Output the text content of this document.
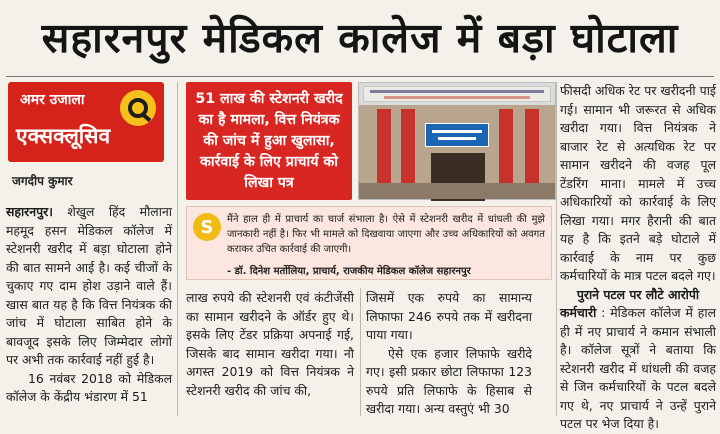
सहारनपुर मेडिकल कालेज में बड़ा घोटाला
अमर उजाला
एक्सक्लूसिव
जगदीप कुमार

सहारनपुर। शेखुल हिंद मौलाना महमूद हसन मेडिकल कॉलेज में स्टेशनरी खरीद में बड़ा घोटाला होने की बात सामने आई है। कई चीजों के चुकाए गए दाम होश उड़ाने वाले हैं। खास बात यह है कि वित्त नियंत्रक की जांच में घोटाला साबित होने के बावजूद इसके लिए जिम्मेदार लोगों पर अभी तक कार्रवाई नहीं हुई है।

16 नवंबर 2018 को मेडिकल कॉलेज के केंद्रीय भंडारण में 51

51 लाख की स्टेशनरी खरीद का है मामला, वित्त नियंत्रक की जांच में हुआ खुलासा, कार्रवाई के लिए प्राचार्य को लिखा पत्र
S	मैंने हाल ही में प्राचार्य का चार्ज संभाला है। ऐसे में स्टेशनरी खरीद में धांधली की मुझे जानकारी नहीं है। फिर भी मामले को दिखवाया जाएगा और उच्च अधिकारियों को अवगत कराकर उचित कार्रवाई की जाएगी।
- डॉ. दिनेश मर्तोलिया, प्राचार्य, राजकीय मेडिकल कॉलेज सहारनपुर

लाख रुपये की स्टेशनरी एवं कंटीजेंसी का सामान खरीदने के ऑर्डर हुए थे। इसके लिए टेंडर प्रक्रिया अपनाई गई, जिसके बाद सामान खरीदा गया। नौ अगस्त 2019 को वित्त नियंत्रक ने स्टेशनरी खरीद की जांच की,

जिसमें एक रुपये का सामान्य लिफाफा 246 रुपये तक में खरीदना पाया गया।

ऐसे एक हजार लिफाफे खरीदे गए। इसी प्रकार छोटा लिफाफा 123 रुपये प्रति लिफाफे के हिसाब से खरीदा गया। अन्य वस्तुएं भी 30

फीसदी अधिक रेट पर खरीदनी पाई गई। सामान भी जरूरत से अधिक खरीदा गया। वित्त नियंत्रक ने बाजार रेट से अत्यधिक रेट पर सामान खरीदने की वजह पूल टेंडरिंग माना। मामले में उच्च अधिकारियों को कार्रवाई के लिए लिखा गया। मगर हैरानी की बात यह है कि इतने बड़े घोटाले में कार्रवाई के नाम पर कुछ कर्मचारियों के मात्र पटल बदले गए।

पुराने पटल पर लौटे आरोपी

कर्मचारी : मेडिकल कॉलेज में हाल ही में नए प्राचार्य ने कमान संभाली है। कॉलेज सूत्रों ने बताया कि स्टेशनरी खरीद में धांधली की वजह से जिन कर्मचारियों के पटल बदले गए थे, नए प्राचार्य ने उन्हें पुराने पटल पर भेज दिया है।
